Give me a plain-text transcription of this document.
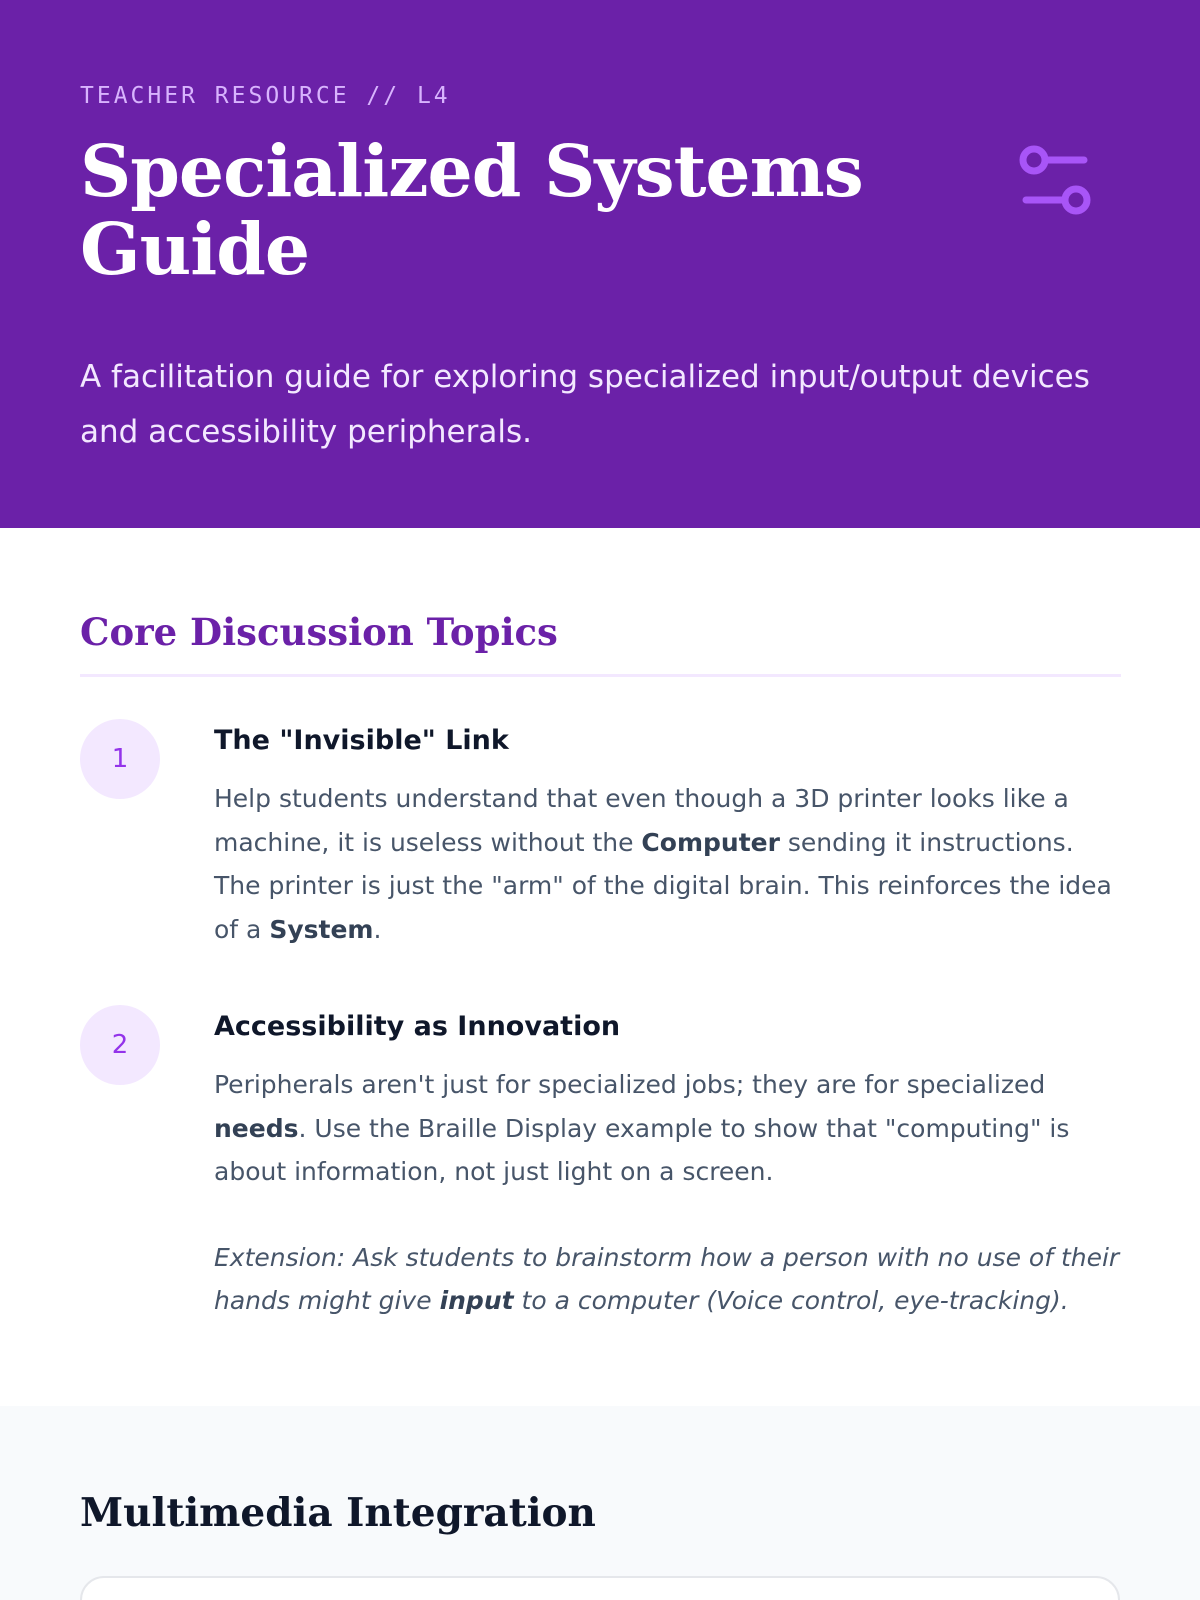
TEACHER RESOURCE // L4

Specialized Systems Guide

A facilitation guide for exploring specialized input/output devices and accessibility peripherals.

Core Discussion Topics
1
The "Invisible" Link

Help students understand that even though a 3D printer looks like a machine, it is useless without the Computer sending it instructions. The printer is just the "arm" of the digital brain. This reinforces the idea of a System.

2
Accessibility as Innovation

Peripherals aren't just for specialized jobs; they are for specialized needs. Use the Braille Display example to show that "computing" is about information, not just light on a screen.

Extension: Ask students to brainstorm how a person with no use of their hands might give input to a computer (Voice control, eye-tracking).

Multimedia Integration
